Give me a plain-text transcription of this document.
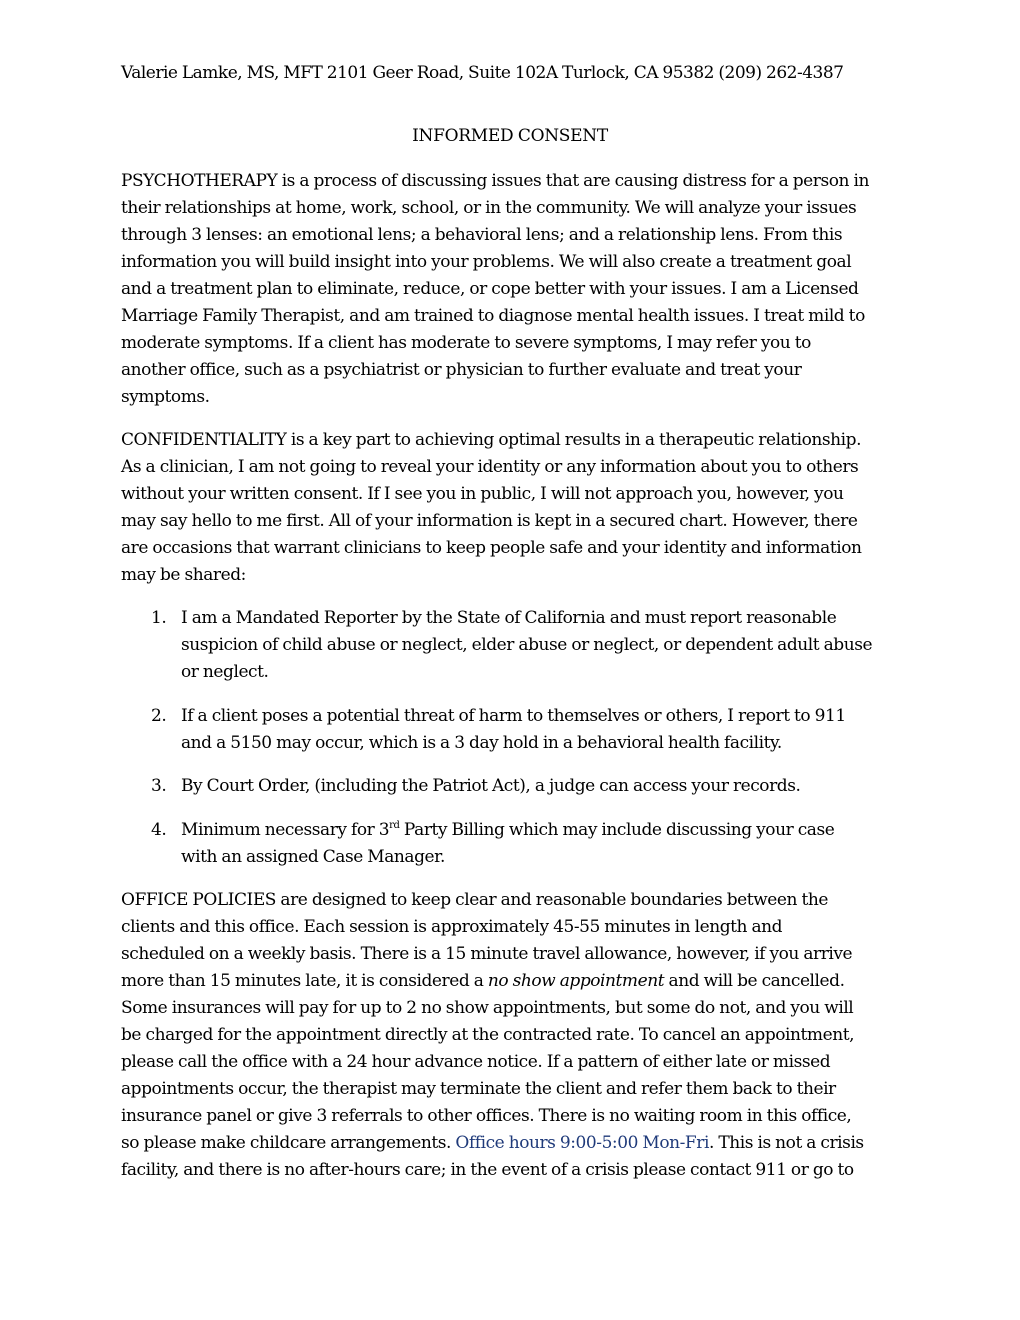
Valerie Lamke, MS, MFT 2101 Geer Road, Suite 102A Turlock, CA 95382 (209) 262-4387
INFORMED CONSENT
PSYCHOTHERAPY is a process of discussing issues that are causing distress for a person in
their relationships at home, work, school, or in the community. We will analyze your issues
through 3 lenses: an emotional lens; a behavioral lens; and a relationship lens. From this
information you will build insight into your problems. We will also create a treatment goal
and a treatment plan to eliminate, reduce, or cope better with your issues. I am a Licensed
Marriage Family Therapist, and am trained to diagnose mental health issues. I treat mild to
moderate symptoms. If a client has moderate to severe symptoms, I may refer you to
another office, such as a psychiatrist or physician to further evaluate and treat your
symptoms.
CONFIDENTIALITY is a key part to achieving optimal results in a therapeutic relationship.
As a clinician, I am not going to reveal your identity or any information about you to others
without your written consent. If I see you in public, I will not approach you, however, you
may say hello to me first. All of your information is kept in a secured chart. However, there
are occasions that warrant clinicians to keep people safe and your identity and information
may be shared:
1. I am a Mandated Reporter by the State of California and must report reasonable
suspicion of child abuse or neglect, elder abuse or neglect, or dependent adult abuse
or neglect.
2. If a client poses a potential threat of harm to themselves or others, I report to 911
and a 5150 may occur, which is a 3 day hold in a behavioral health facility.
3. By Court Order, (including the Patriot Act), a judge can access your records.
4. Minimum necessary for 3rd Party Billing which may include discussing your case
with an assigned Case Manager.
OFFICE POLICIES are designed to keep clear and reasonable boundaries between the
clients and this office. Each session is approximately 45-55 minutes in length and
scheduled on a weekly basis. There is a 15 minute travel allowance, however, if you arrive
more than 15 minutes late, it is considered a no show appointment and will be cancelled.
Some insurances will pay for up to 2 no show appointments, but some do not, and you will
be charged for the appointment directly at the contracted rate. To cancel an appointment,
please call the office with a 24 hour advance notice. If a pattern of either late or missed
appointments occur, the therapist may terminate the client and refer them back to their
insurance panel or give 3 referrals to other offices. There is no waiting room in this office,
so please make childcare arrangements. Office hours 9:00-5:00 Mon-Fri. This is not a crisis
facility, and there is no after-hours care; in the event of a crisis please contact 911 or go to
